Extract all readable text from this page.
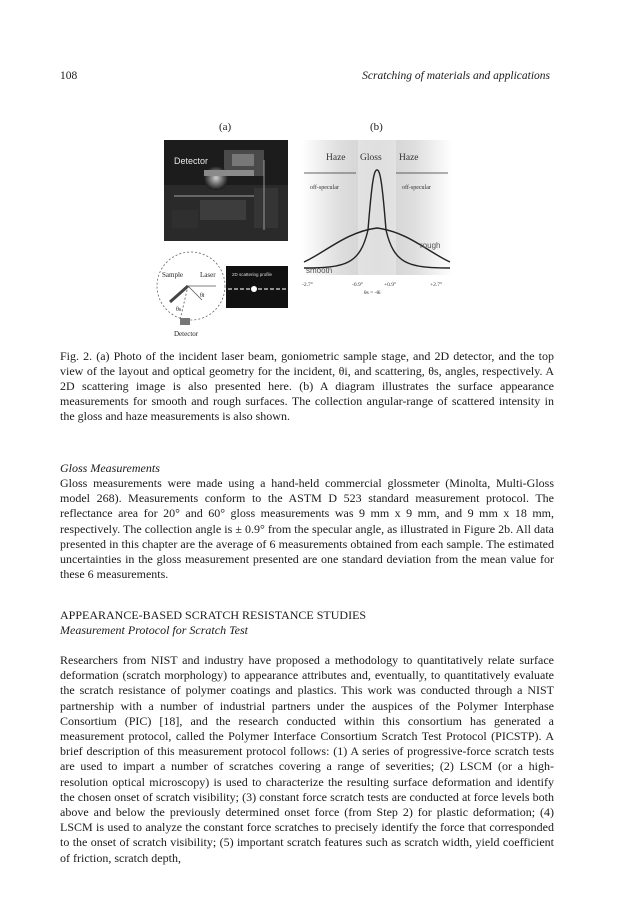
108	Scratching of materials and applications
(a)	(b)
Detector
Sample Laser
θi
θs
Detector
2D scattering profile
Haze Gloss Haze
off-specular	off-specular
rough
smooth
-2.7°	-0.9°	+0.9°	+2.7°
θs = -θi

Fig. 2. (a) Photo of the incident laser beam, goniometric sample stage, and 2D detector, and the top view of the layout and optical geometry for the incident, θi, and scattering, θs, angles, respectively. A 2D scattering image is also presented here. (b) A diagram illustrates the surface appearance measurements for smooth and rough surfaces. The collection angular-range of scattered intensity in the gloss and haze measurements is also shown.

Gloss Measurements

Gloss measurements were made using a hand-held commercial glossmeter (Minolta, Multi-Gloss model 268). Measurements conform to the ASTM D 523 standard measurement protocol. The reflectance area for 20° and 60° gloss measurements was 9 mm x 9 mm, and 9 mm x 18 mm, respectively. The collection angle is ± 0.9° from the specular angle, as illustrated in Figure 2b. All data presented in this chapter are the average of 6 measurements obtained from each sample. The estimated uncertainties in the gloss measurement presented are one standard deviation from the mean value for these 6 measurements.

APPEARANCE-BASED SCRATCH RESISTANCE STUDIES
Measurement Protocol for Scratch Test

Researchers from NIST and industry have proposed a methodology to quantitatively relate surface deformation (scratch morphology) to appearance attributes and, eventually, to quantitatively evaluate the scratch resistance of polymer coatings and plastics. This work was conducted through a NIST partnership with a number of industrial partners under the auspices of the Polymer Interphase Consortium (PIC) [18], and the research conducted within this consortium has generated a measurement protocol, called the Polymer Interface Consortium Scratch Test Protocol (PICSTP). A brief description of this measurement protocol follows: (1) A series of progressive-force scratch tests are used to impart a number of scratches covering a range of severities; (2) LSCM (or a high-resolution optical microscopy) is used to characterize the resulting surface deformation and identify the chosen onset of scratch visibility; (3) constant force scratch tests are conducted at force levels both above and below the previously determined onset force (from Step 2) for plastic deformation; (4) LSCM is used to analyze the constant force scratches to precisely identify the force that corresponded to the onset of scratch visibility; (5) important scratch features such as scratch width, yield coefficient of friction, scratch depth,
